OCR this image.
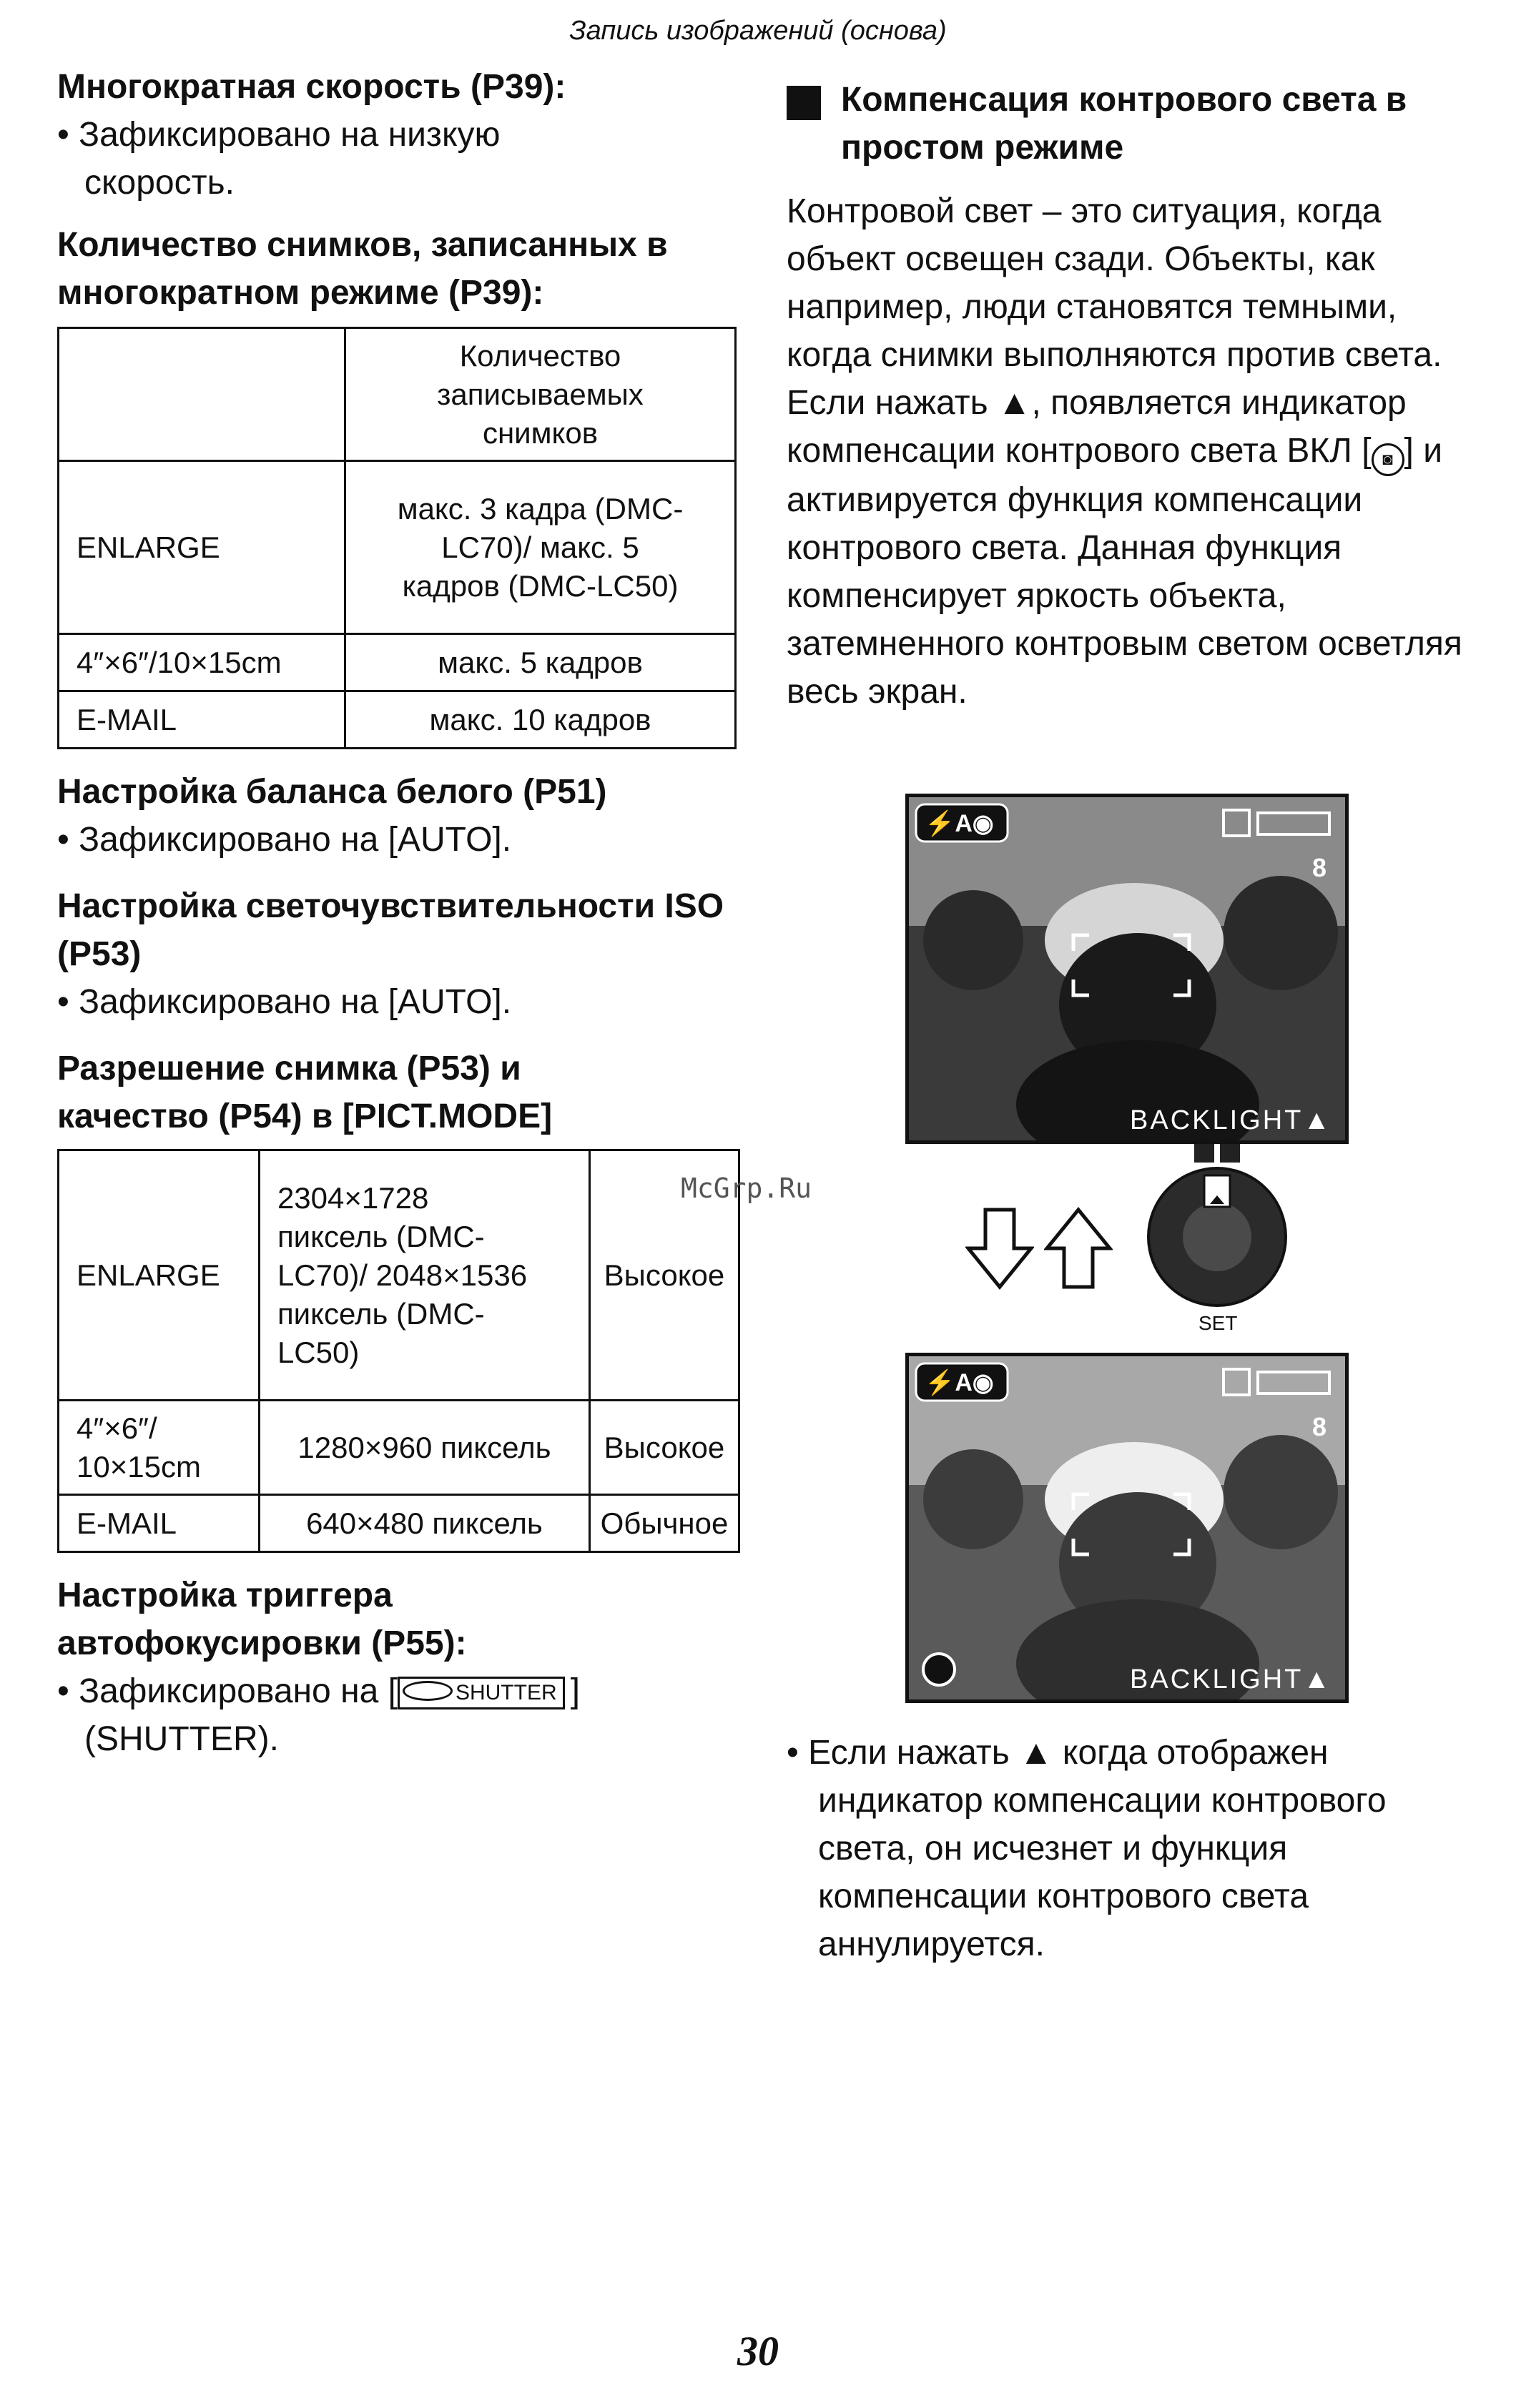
Запись изображений (основа)

Многократная скорость (P39):

• Зафиксировано на низкую скорость.

Количество снимков, записанных в многократном режиме (P39):

	Количество записываемых снимков
ENLARGE	макс. 3 кадра (DMC-LC70)/ макс. 5 кадров (DMC-LC50)
4″×6″/10×15cm	макс. 5 кадров
E-MAIL	макс. 10 кадров

Настройка баланса белого (P51)

• Зафиксировано на [AUTO].

Настройка светочувствительности ISO (P53)

• Зафиксировано на [AUTO].

Разрешение снимка (P53) и качество (P54) в [PICT.MODE]

ENLARGE	2304×1728 пиксель (DMC-LC70)/ 2048×1536 пиксель (DMC-LC50)	Высокое
4″×6″/ 10×15cm	1280×960 пиксель	Высокое
E-MAIL	640×480 пиксель	Обычное

Настройка триггера автофокусировки (P55):

• Зафиксировано на [	SHUTTER ]

(SHUTTER).

Компенсация контрового света в простом режиме

Контровой свет – это ситуация, когда объект освещен сзади. Объекты, как например, люди становятся темными, когда снимки выполняются против света. Если нажать ▲, появляется индикатор компенсации контрового света ВКЛ [ ◙ ] и активируется функция компенсации контрового света. Данная функция компенсирует яркость объекта, затемненного контровым светом осветляя весь экран.

⚡A◉
8
BACKLIGHT▲
SET
⚡A◉
8
BACKLIGHT▲

• Если нажать ▲ когда отображен индикатор компенсации контрового света, он исчезнет и функция компенсации контрового света аннулируется.

McGrp.Ru
30
